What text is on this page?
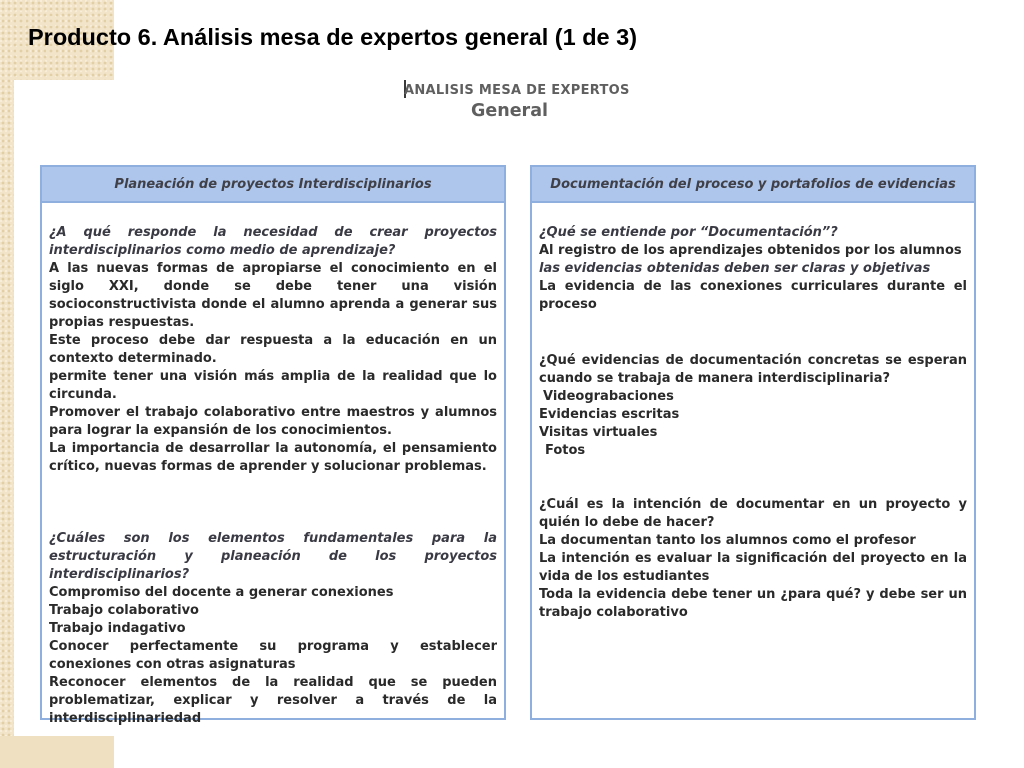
Producto 6. Análisis mesa de expertos general (1 de 3)
ANALISIS MESA DE EXPERTOS
General
Planeación de proyectos Interdisciplinarios

¿A qué responde la necesidad de crear proyectos interdisciplinarios como medio de aprendizaje?

A las nuevas formas de apropiarse el conocimiento en el siglo XXI, donde se debe tener una visión socioconstructivista donde el alumno aprenda a generar sus propias respuestas.

Este proceso debe dar respuesta a la educación en un contexto determinado.

permite tener una visión más amplia de la realidad que lo circunda.

Promover el trabajo colaborativo entre maestros y alumnos para lograr la expansión de los conocimientos.

La importancia de desarrollar la autonomía, el pensamiento crítico, nuevas formas de aprender y solucionar problemas.

¿Cuáles son los elementos fundamentales para la estructuración y planeación de los proyectos interdisciplinarios?

Compromiso del docente a generar conexiones

Trabajo colaborativo

Trabajo indagativo

Conocer perfectamente su programa y establecer conexiones con otras asignaturas

Reconocer elementos de la realidad que se pueden problematizar, explicar y resolver a través de la interdisciplinariedad

Documentación del proceso y portafolios de evidencias

¿Qué se entiende por “Documentación”?

Al registro de los aprendizajes obtenidos por los alumnos

las evidencias obtenidas deben ser claras y objetivas

La evidencia de las conexiones curriculares durante el proceso

¿Qué evidencias de documentación concretas se esperan cuando se trabaja de manera interdisciplinaria?

Videograbaciones

Evidencias escritas

Visitas virtuales

Fotos

¿Cuál es la intención de documentar en un proyecto y quién lo debe de hacer?

La documentan tanto los alumnos como el profesor

La intención es evaluar la significación del proyecto en la vida de los estudiantes

Toda la evidencia debe tener un ¿para qué? y debe ser un trabajo colaborativo
